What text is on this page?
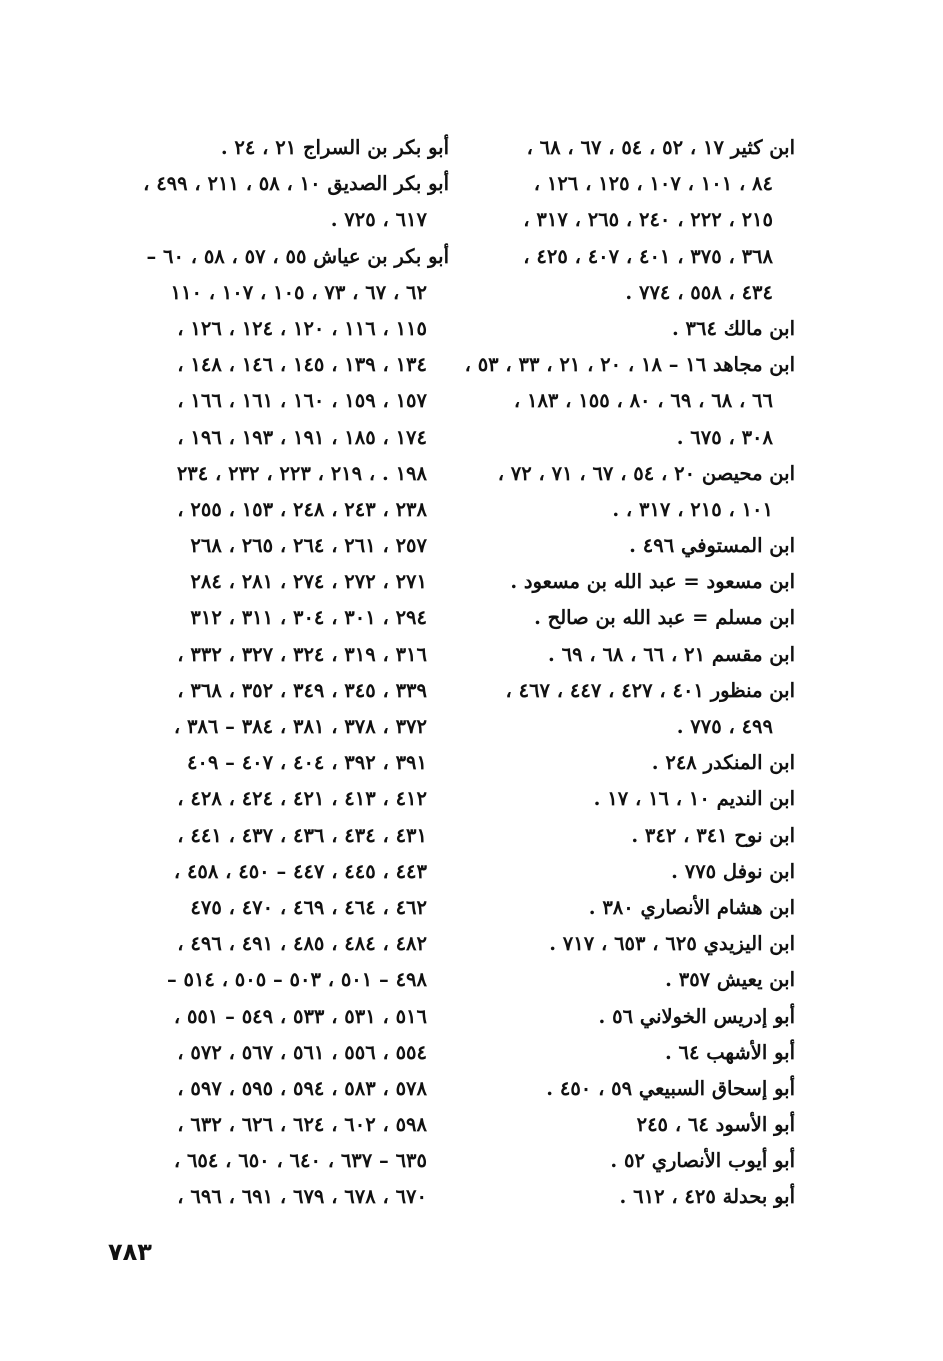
ابن كثير ١٧ ، ٥٢ ، ٥٤ ، ٦٧ ، ٦٨ ،
٨٤ ، ١٠١ ، ١٠٧ ، ١٢٥ ، ١٢٦ ،
٢١٥ ، ٢٢٢ ، ٢٤٠ ، ٢٦٥ ، ٣١٧ ،
٣٦٨ ، ٣٧٥ ، ٤٠١ ، ٤٠٧ ، ٤٢٥ ،
٤٣٤ ، ٥٥٨ ، ٧٧٤ .
ابن مالك ٣٦٤ .
ابن مجاهد ١٦ – ١٨ ، ٢٠ ، ٢١ ، ٣٣ ، ٥٣ ،
٦٦ ، ٦٨ ، ٦٩ ، ٨٠ ، ١٥٥ ، ١٨٣ ،
٣٠٨ ، ٦٧٥ .
ابن محيصن ٢٠ ، ٥٤ ، ٦٧ ، ٧١ ، ٧٢ ،
١٠١ ، ٢١٥ ، ٣١٧ ، .
ابن المستوفي ٤٩٦ .
ابن مسعود = عبد الله بن مسعود .
ابن مسلم = عبد الله بن صالح .
ابن مقسم ٢١ ، ٦٦ ، ٦٨ ، ٦٩ .
ابن منظور ٤٠١ ، ٤٢٧ ، ٤٤٧ ، ٤٦٧ ،
٤٩٩ ، ٧٧٥ .
ابن المنكدر ٢٤٨ .
ابن النديم ١٠ ، ١٦ ، ١٧ .
ابن نوح ٣٤١ ، ٣٤٢ .
ابن نوفل ٧٧٥ .
ابن هشام الأنصاري ٣٨٠ .
ابن اليزيدي ٦٢٥ ، ٦٥٣ ، ٧١٧ .
ابن يعيش ٣٥٧ .
أبو إدريس الخولاني ٥٦ .
أبو الأشهب ٦٤ .
أبو إسحاق السبيعي ٥٩ ، ٤٥٠ .
أبو الأسود ٦٤ ، ٢٤٥
أبو أيوب الأنصاري ٥٢ .
أبو بحدلة ٤٢٥ ، ٦١٢ .
أبو بكر بن السراج ٢١ ، ٢٤ .
أبو بكر الصديق ١٠ ، ٥٨ ، ٢١١ ، ٤٩٩ ،
٦١٧ ، ٧٢٥ .
أبو بكر بن عياش ٥٥ ، ٥٧ ، ٥٨ ، ٦٠ –
٦٢ ، ٦٧ ، ٧٣ ، ١٠٥ ، ١٠٧ ، ١١٠
١١٥ ، ١١٦ ، ١٢٠ ، ١٢٤ ، ١٢٦ ،
١٣٤ ، ١٣٩ ، ١٤٥ ، ١٤٦ ، ١٤٨ ،
١٥٧ ، ١٥٩ ، ١٦٠ ، ١٦١ ، ١٦٦ ،
١٧٤ ، ١٨٥ ، ١٩١ ، ١٩٣ ، ١٩٦ ،
١٩٨ . ، ٢١٩ ، ٢٢٣ ، ٢٣٢ ، ٢٣٤
٢٣٨ ، ٢٤٣ ، ٢٤٨ ، ١٥٣ ، ٢٥٥ ،
٢٥٧ ، ٢٦١ ، ٢٦٤ ، ٢٦٥ ، ٢٦٨
٢٧١ ، ٢٧٢ ، ٢٧٤ ، ٢٨١ ، ٢٨٤
٢٩٤ ، ٣٠١ ، ٣٠٤ ، ٣١١ ، ٣١٢
٣١٦ ، ٣١٩ ، ٣٢٤ ، ٣٢٧ ، ٣٣٢ ،
٣٣٩ ، ٣٤٥ ، ٣٤٩ ، ٣٥٢ ، ٣٦٨ ،
٣٧٢ ، ٣٧٨ ، ٣٨١ ، ٣٨٤ – ٣٨٦ ،
٣٩١ ، ٣٩٢ ، ٤٠٤ ، ٤٠٧ – ٤٠٩
٤١٢ ، ٤١٣ ، ٤٢١ ، ٤٢٤ ، ٤٢٨ ،
٤٣١ ، ٤٣٤ ، ٤٣٦ ، ٤٣٧ ، ٤٤١ ،
٤٤٣ ، ٤٤٥ ، ٤٤٧ – ٤٥٠ ، ٤٥٨ ،
٤٦٢ ، ٤٦٤ ، ٤٦٩ ، ٤٧٠ ، ٤٧٥
٤٨٢ ، ٤٨٤ ، ٤٨٥ ، ٤٩١ ، ٤٩٦ ،
٤٩٨ – ٥٠١ ، ٥٠٣ – ٥٠٥ ، ٥١٤ –
٥١٦ ، ٥٣١ ، ٥٣٣ ، ٥٤٩ – ٥٥١ ،
٥٥٤ ، ٥٥٦ ، ٥٦١ ، ٥٦٧ ، ٥٧٢ ،
٥٧٨ ، ٥٨٣ ، ٥٩٤ ، ٥٩٥ ، ٥٩٧ ،
٥٩٨ ، ٦٠٢ ، ٦٢٤ ، ٦٢٦ ، ٦٣٢ ،
٦٣٥ – ٦٣٧ ، ٦٤٠ ، ٦٥٠ ، ٦٥٤ ،
٦٧٠ ، ٦٧٨ ، ٦٧٩ ، ٦٩١ ، ٦٩٦ ،
٧٨٣
